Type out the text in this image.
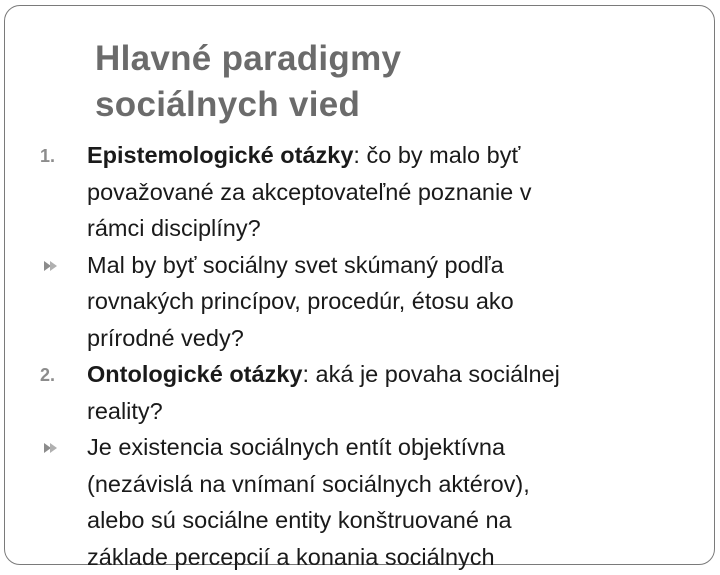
Hlavné paradigmy
sociálnych vied
1.	Epistemologické otázky: čo by malo byť
považované za akceptovateľné poznanie v
rámci disciplíny?
Mal by byť sociálny svet skúmaný podľa
rovnakých princípov, procedúr, étosu ako
prírodné vedy?
2.	Ontologické otázky: aká je povaha sociálnej
reality?
Je existencia sociálnych entít objektívna
(nezávislá na vnímaní sociálnych aktérov),
alebo sú sociálne entity konštruované na
základe percepcií a konania sociálnych
